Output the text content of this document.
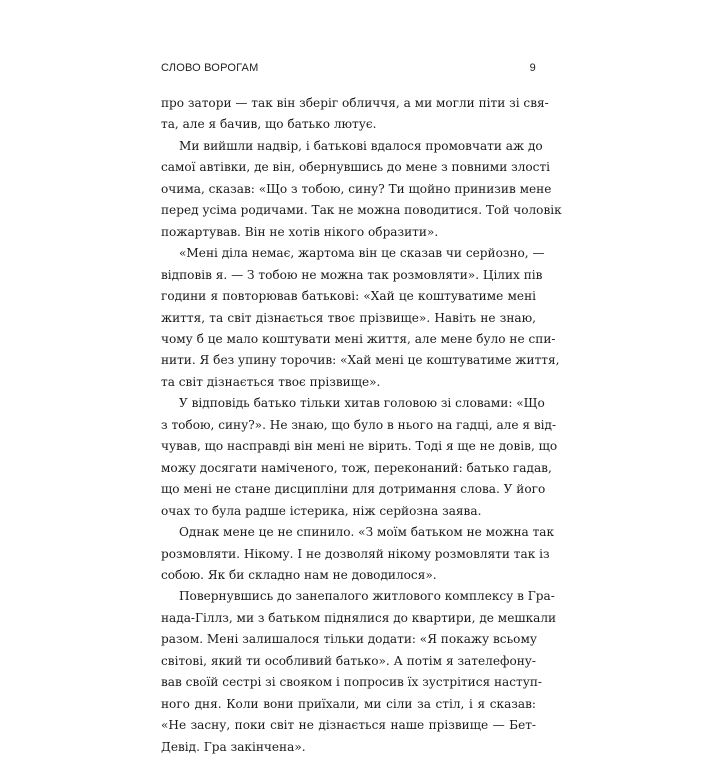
СЛОВО ВОРОГАМ	9

про затори — так він зберіг обличчя, а ми могли піти зі свя-
та, але я бачив, що батько лютує.

Ми вийшли надвір, і батькові вдалося промовчати аж до
самої автівки, де він, обернувшись до мене з повними злості
очима, сказав: «Що з тобою, сину? Ти щойно принизив мене
перед усіма родичами. Так не можна поводитися. Той чоловік
пожартував. Він не хотів нікого образити».

«Мені діла немає, жартома він це сказав чи серйозно, —
відповів я. — З тобою не можна так розмовляти». Цілих пів
години я повторював батькові: «Хай це коштуватиме мені
життя, та світ дізнається твоє прізвище». Навіть не знаю,
чому б це мало коштувати мені життя, але мене було не спи-
нити. Я без упину торочив: «Хай мені це коштуватиме життя,
та світ дізнається твоє прізвище».

У відповідь батько тільки хитав головою зі словами: «Що
з тобою, сину?». Не знаю, що було в нього на гадці, але я від-
чував, що насправді він мені не вірить. Тоді я ще не довів, що
можу досягати наміченого, тож, переконаний: батько гадав,
що мені не стане дисципліни для дотримання слова. У його
очах то була радше істерика, ніж серйозна заява.

Однак мене це не спинило. «З моїм батьком не можна так
розмовляти. Нікому. І не дозволяй нікому розмовляти так із
собою. Як би складно нам не доводилося».

Повернувшись до занепалого житлового комплексу в Гра-
нада-Гіллз, ми з батьком піднялися до квартири, де мешкали
разом. Мені залишалося тільки додати: «Я покажу всьому
світові, який ти особливий батько». А потім я зателефону-
вав своїй сестрі зі свояком і попросив їх зустрітися наступ-
ного дня. Коли вони приїхали, ми сіли за стіл, і я сказав:
«Не засну, поки світ не дізнається наше прізвище — Бет-
Девід. Гра закінчена».
